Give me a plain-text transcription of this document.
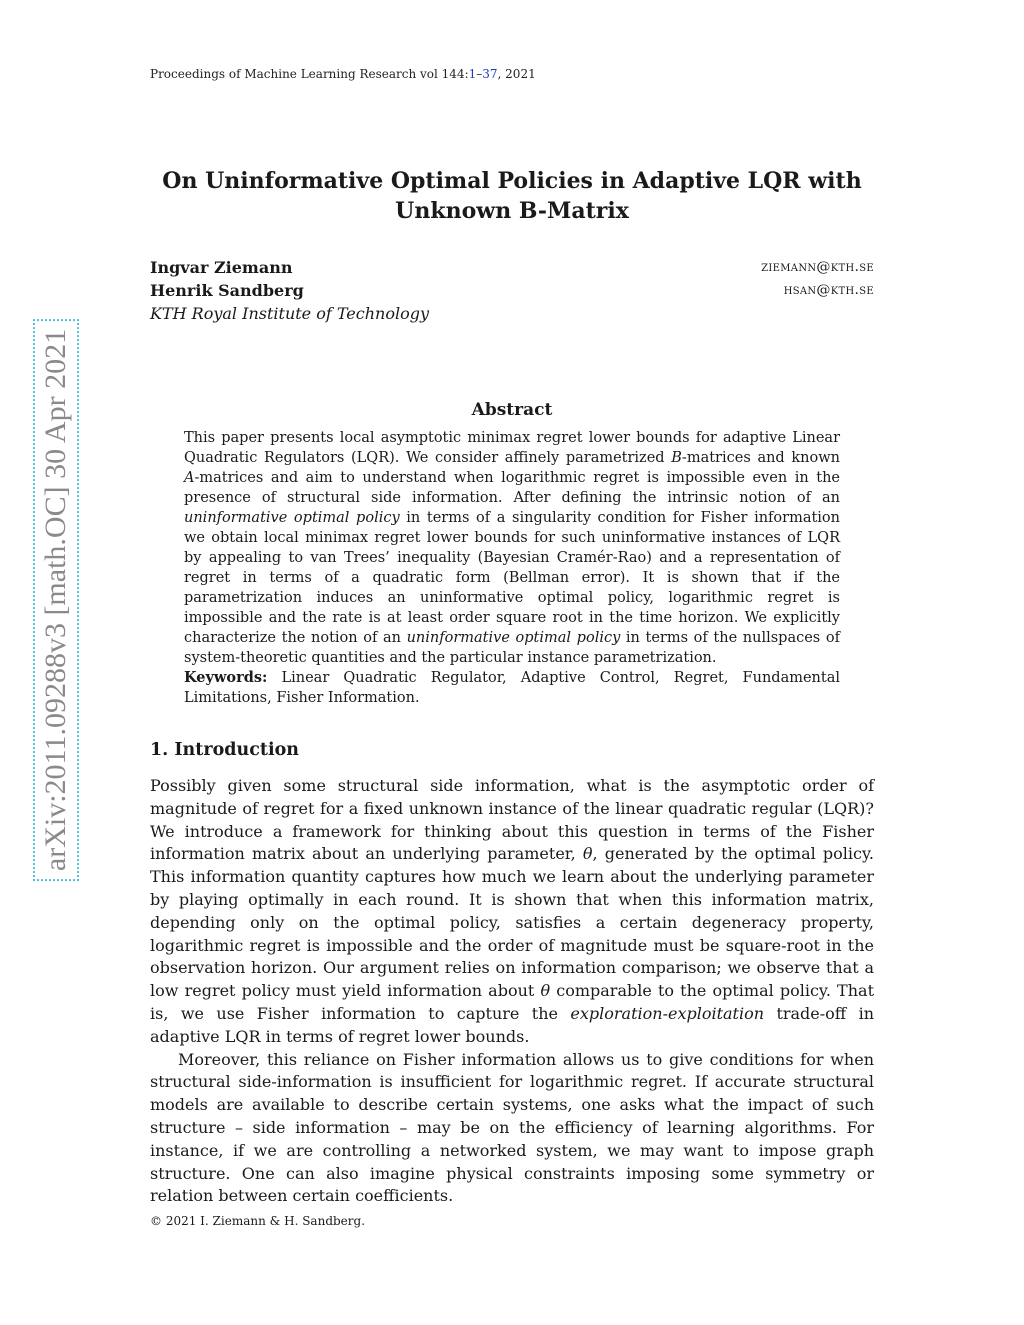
Proceedings of Machine Learning Research vol 144:1–37, 2021
arXiv:2011.09288v3 [math.OC] 30 Apr 2021
On Uninformative Optimal Policies in Adaptive LQR with Unknown B-Matrix
Ingvar Ziemann	ziemann@kth.se
Henrik Sandberg	hsan@kth.se
KTH Royal Institute of Technology
Abstract

This paper presents local asymptotic minimax regret lower bounds for adaptive Linear Quadratic Regulators (LQR). We consider affinely parametrized B-matrices and known A-matrices and aim to understand when logarithmic regret is impossible even in the presence of structural side information. After defining the intrinsic notion of an uninformative optimal policy in terms of a singularity condition for Fisher information we obtain local minimax regret lower bounds for such uninformative instances of LQR by appealing to van Trees’ inequality (Bayesian Cramér-Rao) and a representation of regret in terms of a quadratic form (Bellman error). It is shown that if the parametrization induces an uninformative optimal policy, logarithmic regret is impossible and the rate is at least order square root in the time horizon. We explicitly characterize the notion of an uninformative optimal policy in terms of the nullspaces of system-theoretic quantities and the particular instance parametrization.

Keywords: Linear Quadratic Regulator, Adaptive Control, Regret, Fundamental Limitations, Fisher Information.

1. Introduction

Possibly given some structural side information, what is the asymptotic order of magnitude of regret for a fixed unknown instance of the linear quadratic regular (LQR)? We introduce a framework for thinking about this question in terms of the Fisher information matrix about an underlying parameter, θ, generated by the optimal policy. This information quantity captures how much we learn about the underlying parameter by playing optimally in each round. It is shown that when this information matrix, depending only on the optimal policy, satisfies a certain degeneracy property, logarithmic regret is impossible and the order of magnitude must be square-root in the observation horizon. Our argument relies on information comparison; we observe that a low regret policy must yield information about θ comparable to the optimal policy. That is, we use Fisher information to capture the exploration-exploitation trade-off in adaptive LQR in terms of regret lower bounds.

Moreover, this reliance on Fisher information allows us to give conditions for when structural side-information is insufficient for logarithmic regret. If accurate structural models are available to describe certain systems, one asks what the impact of such structure – side information – may be on the efficiency of learning algorithms. For instance, if we are controlling a networked system, we may want to impose graph structure. One can also imagine physical constraints imposing some symmetry or relation between certain coefficients.

© 2021 I. Ziemann & H. Sandberg.
